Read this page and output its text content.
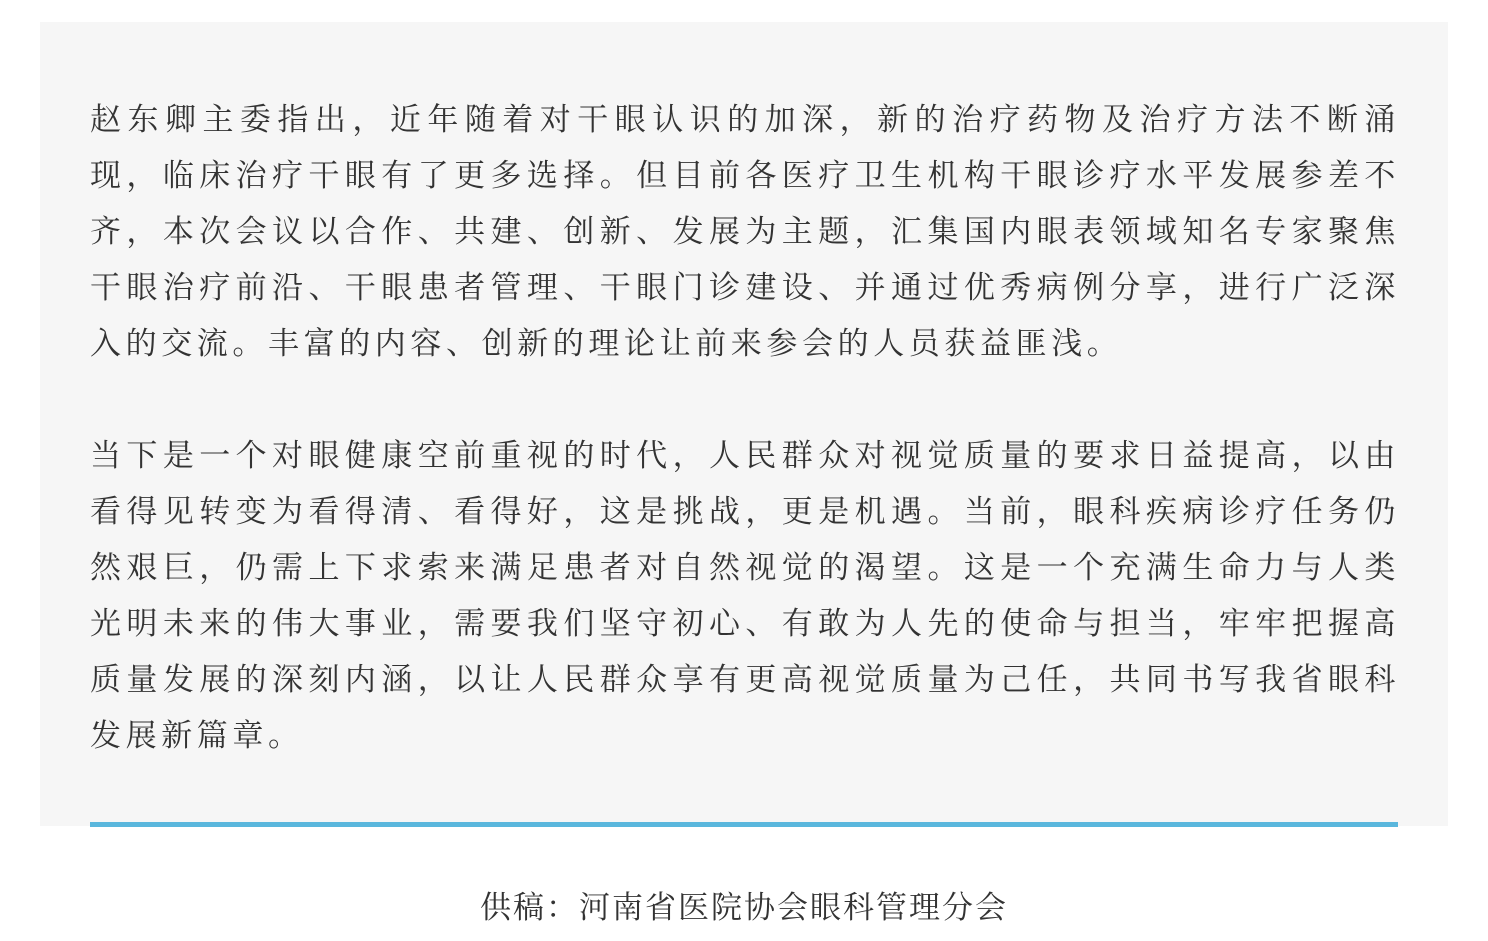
赵东卿主委指出，近年随着对干眼认识的加深，新的治疗药物及治疗方法不断涌现，临床治疗干眼有了更多选择。但目前各医疗卫生机构干眼诊疗水平发展参差不齐，本次会议以合作、共建、创新、发展为主题，汇集国内眼表领域知名专家聚焦干眼治疗前沿、干眼患者管理、干眼门诊建设、并通过优秀病例分享，进行广泛深入的交流。丰富的内容、创新的理论让前来参会的人员获益匪浅。

当下是一个对眼健康空前重视的时代，人民群众对视觉质量的要求日益提高，以由看得见转变为看得清、看得好，这是挑战，更是机遇。当前，眼科疾病诊疗任务仍然艰巨，仍需上下求索来满足患者对自然视觉的渴望。这是一个充满生命力与人类光明未来的伟大事业，需要我们坚守初心、有敢为人先的使命与担当，牢牢把握高质量发展的深刻内涵，以让人民群众享有更高视觉质量为己任，共同书写我省眼科发展新篇章。

供稿：河南省医院协会眼科管理分会
